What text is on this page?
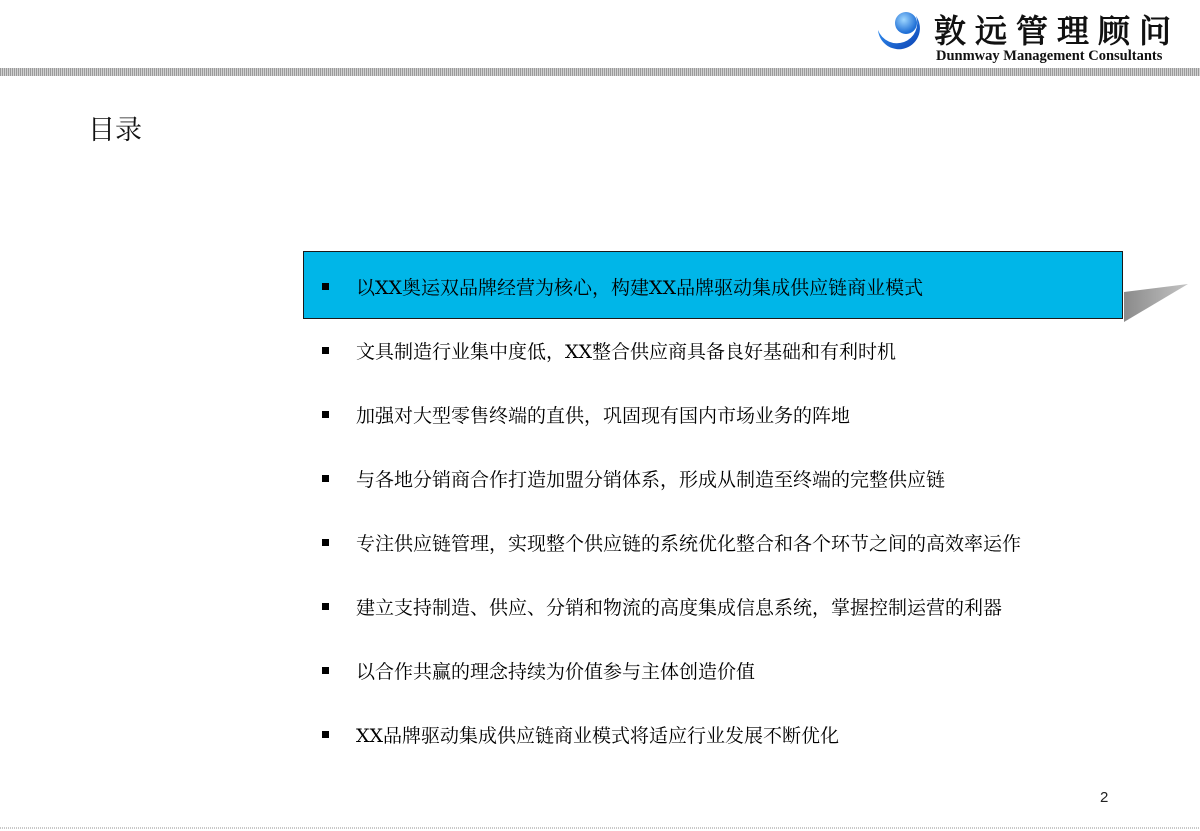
敦远管理顾问
Dunmway Management Consultants
目录
以XX奥运双品牌经营为核心，构建XX品牌驱动集成供应链商业模式
文具制造行业集中度低，XX整合供应商具备良好基础和有利时机
加强对大型零售终端的直供，巩固现有国内市场业务的阵地
与各地分销商合作打造加盟分销体系，形成从制造至终端的完整供应链
专注供应链管理，实现整个供应链的系统优化整合和各个环节之间的高效率运作
建立支持制造、供应、分销和物流的高度集成信息系统，掌握控制运营的利器
以合作共赢的理念持续为价值参与主体创造价值
XX品牌驱动集成供应链商业模式将适应行业发展不断优化
2
